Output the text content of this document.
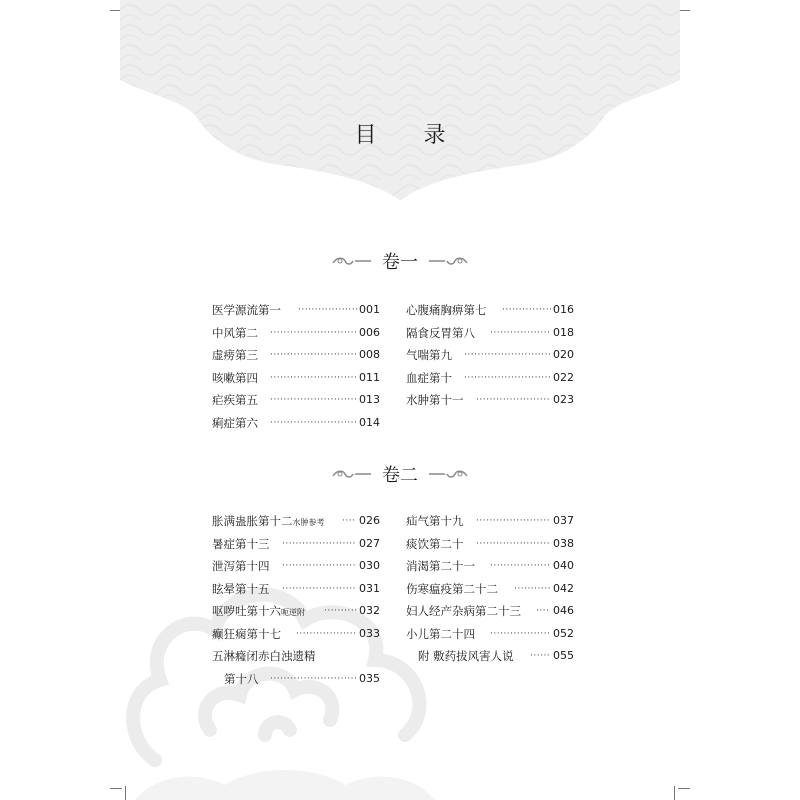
目 录
卷一
医学源流第一 ·················· 001
中风第二 ·························· 006
虚痨第三 ·························· 008
咳嗽第四 ·························· 011
疟疾第五 ·························· 013
痢症第六 ·························· 014
心腹痛胸痹第七 ··············· 016
隔食反胃第八 ·················· 018
气喘第九 ·························· 020
血症第十 ·························· 022
水肿第十一 ······················ 023
卷二
胀满蛊胀第十二水肿参考 ···· 026
暑症第十三 ······················ 027
泄泻第十四 ······················ 030
眩晕第十五 ······················ 031
呕哕吐第十六呃逆附 ·········· 032
癫狂痫第十七 ·················· 033
五淋癃闭赤白浊遗精
第十八 ·························· 035
疝气第十九 ······················ 037
痰饮第二十 ······················ 038
消渴第二十一 ·················· 040
伤寒瘟疫第二十二 ··········· 042
妇人经产杂病第二十三 ···· 046
小儿第二十四 ·················· 052
附 敷药拔风害人说 ······ 055
